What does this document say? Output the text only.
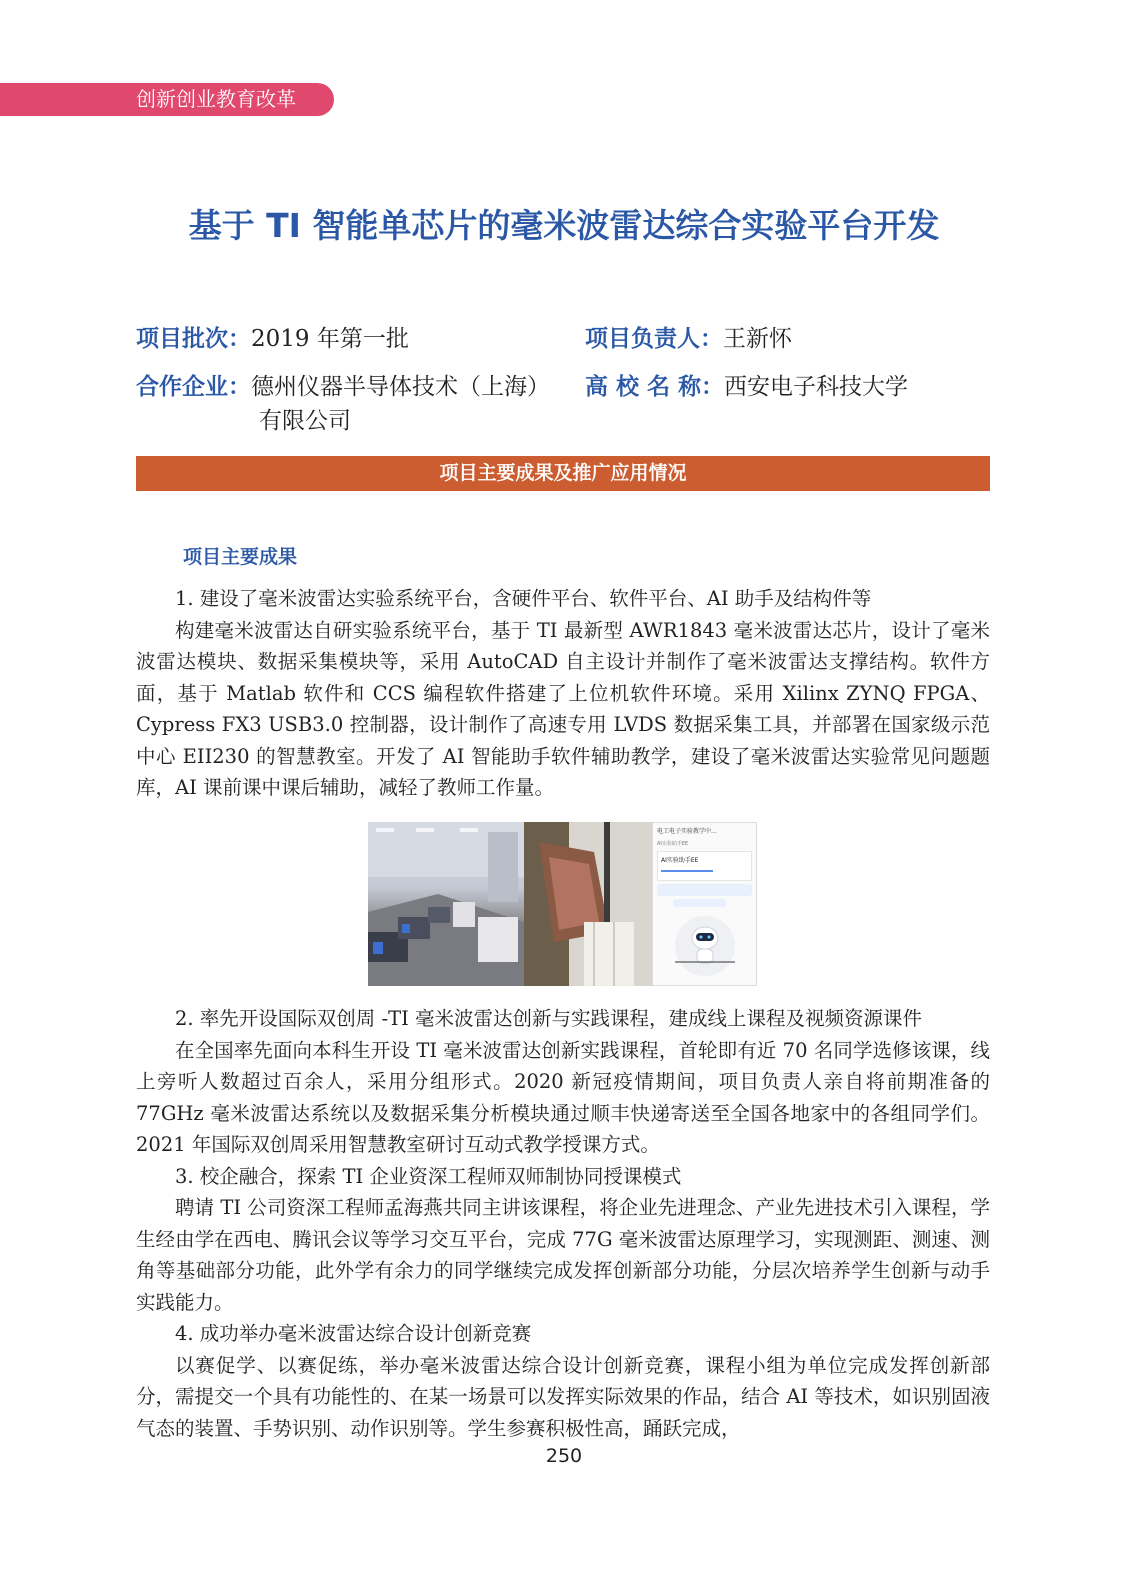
创新创业教育改革
基于 TI 智能单芯片的毫米波雷达综合实验平台开发
项目批次：2019 年第一批	项目负责人：王新怀
合作企业：德州仪器半导体技术（上海）
有限公司
高 校 名 称：西安电子科技大学
项目主要成果及推广应用情况
项目主要成果

1. 建设了毫米波雷达实验系统平台，含硬件平台、软件平台、AI 助手及结构件等

构建毫米波雷达自研实验系统平台，基于 TI 最新型 AWR1843 毫米波雷达芯片，设计了毫米波雷达模块、数据采集模块等，采用 AutoCAD 自主设计并制作了毫米波雷达支撑结构。软件方面，基于 Matlab 软件和 CCS 编程软件搭建了上位机软件环境。采用 Xilinx ZYNQ FPGA、Cypress FX3 USB3.0 控制器，设计制作了高速专用 LVDS 数据采集工具，并部署在国家级示范中心 EII230 的智慧教室。开发了 AI 智能助手软件辅助教学，建设了毫米波雷达实验常见问题题库，AI 课前课中课后辅助，减轻了教师工作量。

电工电子实验教学中...
AI实验助手EE
AI实验助手EE

2. 率先开设国际双创周 -TI 毫米波雷达创新与实践课程，建成线上课程及视频资源课件

在全国率先面向本科生开设 TI 毫米波雷达创新实践课程，首轮即有近 70 名同学选修该课，线上旁听人数超过百余人，采用分组形式。2020 新冠疫情期间，项目负责人亲自将前期准备的 77GHz 毫米波雷达系统以及数据采集分析模块通过顺丰快递寄送至全国各地家中的各组同学们。2021 年国际双创周采用智慧教室研讨互动式教学授课方式。

3. 校企融合，探索 TI 企业资深工程师双师制协同授课模式

聘请 TI 公司资深工程师孟海燕共同主讲该课程，将企业先进理念、产业先进技术引入课程，学生经由学在西电、腾讯会议等学习交互平台，完成 77G 毫米波雷达原理学习，实现测距、测速、测角等基础部分功能，此外学有余力的同学继续完成发挥创新部分功能，分层次培养学生创新与动手实践能力。

4. 成功举办毫米波雷达综合设计创新竞赛

以赛促学、以赛促练，举办毫米波雷达综合设计创新竞赛，课程小组为单位完成发挥创新部分，需提交一个具有功能性的、在某一场景可以发挥实际效果的作品，结合 AI 等技术，如识别固液气态的装置、手势识别、动作识别等。学生参赛积极性高，踊跃完成，

250
